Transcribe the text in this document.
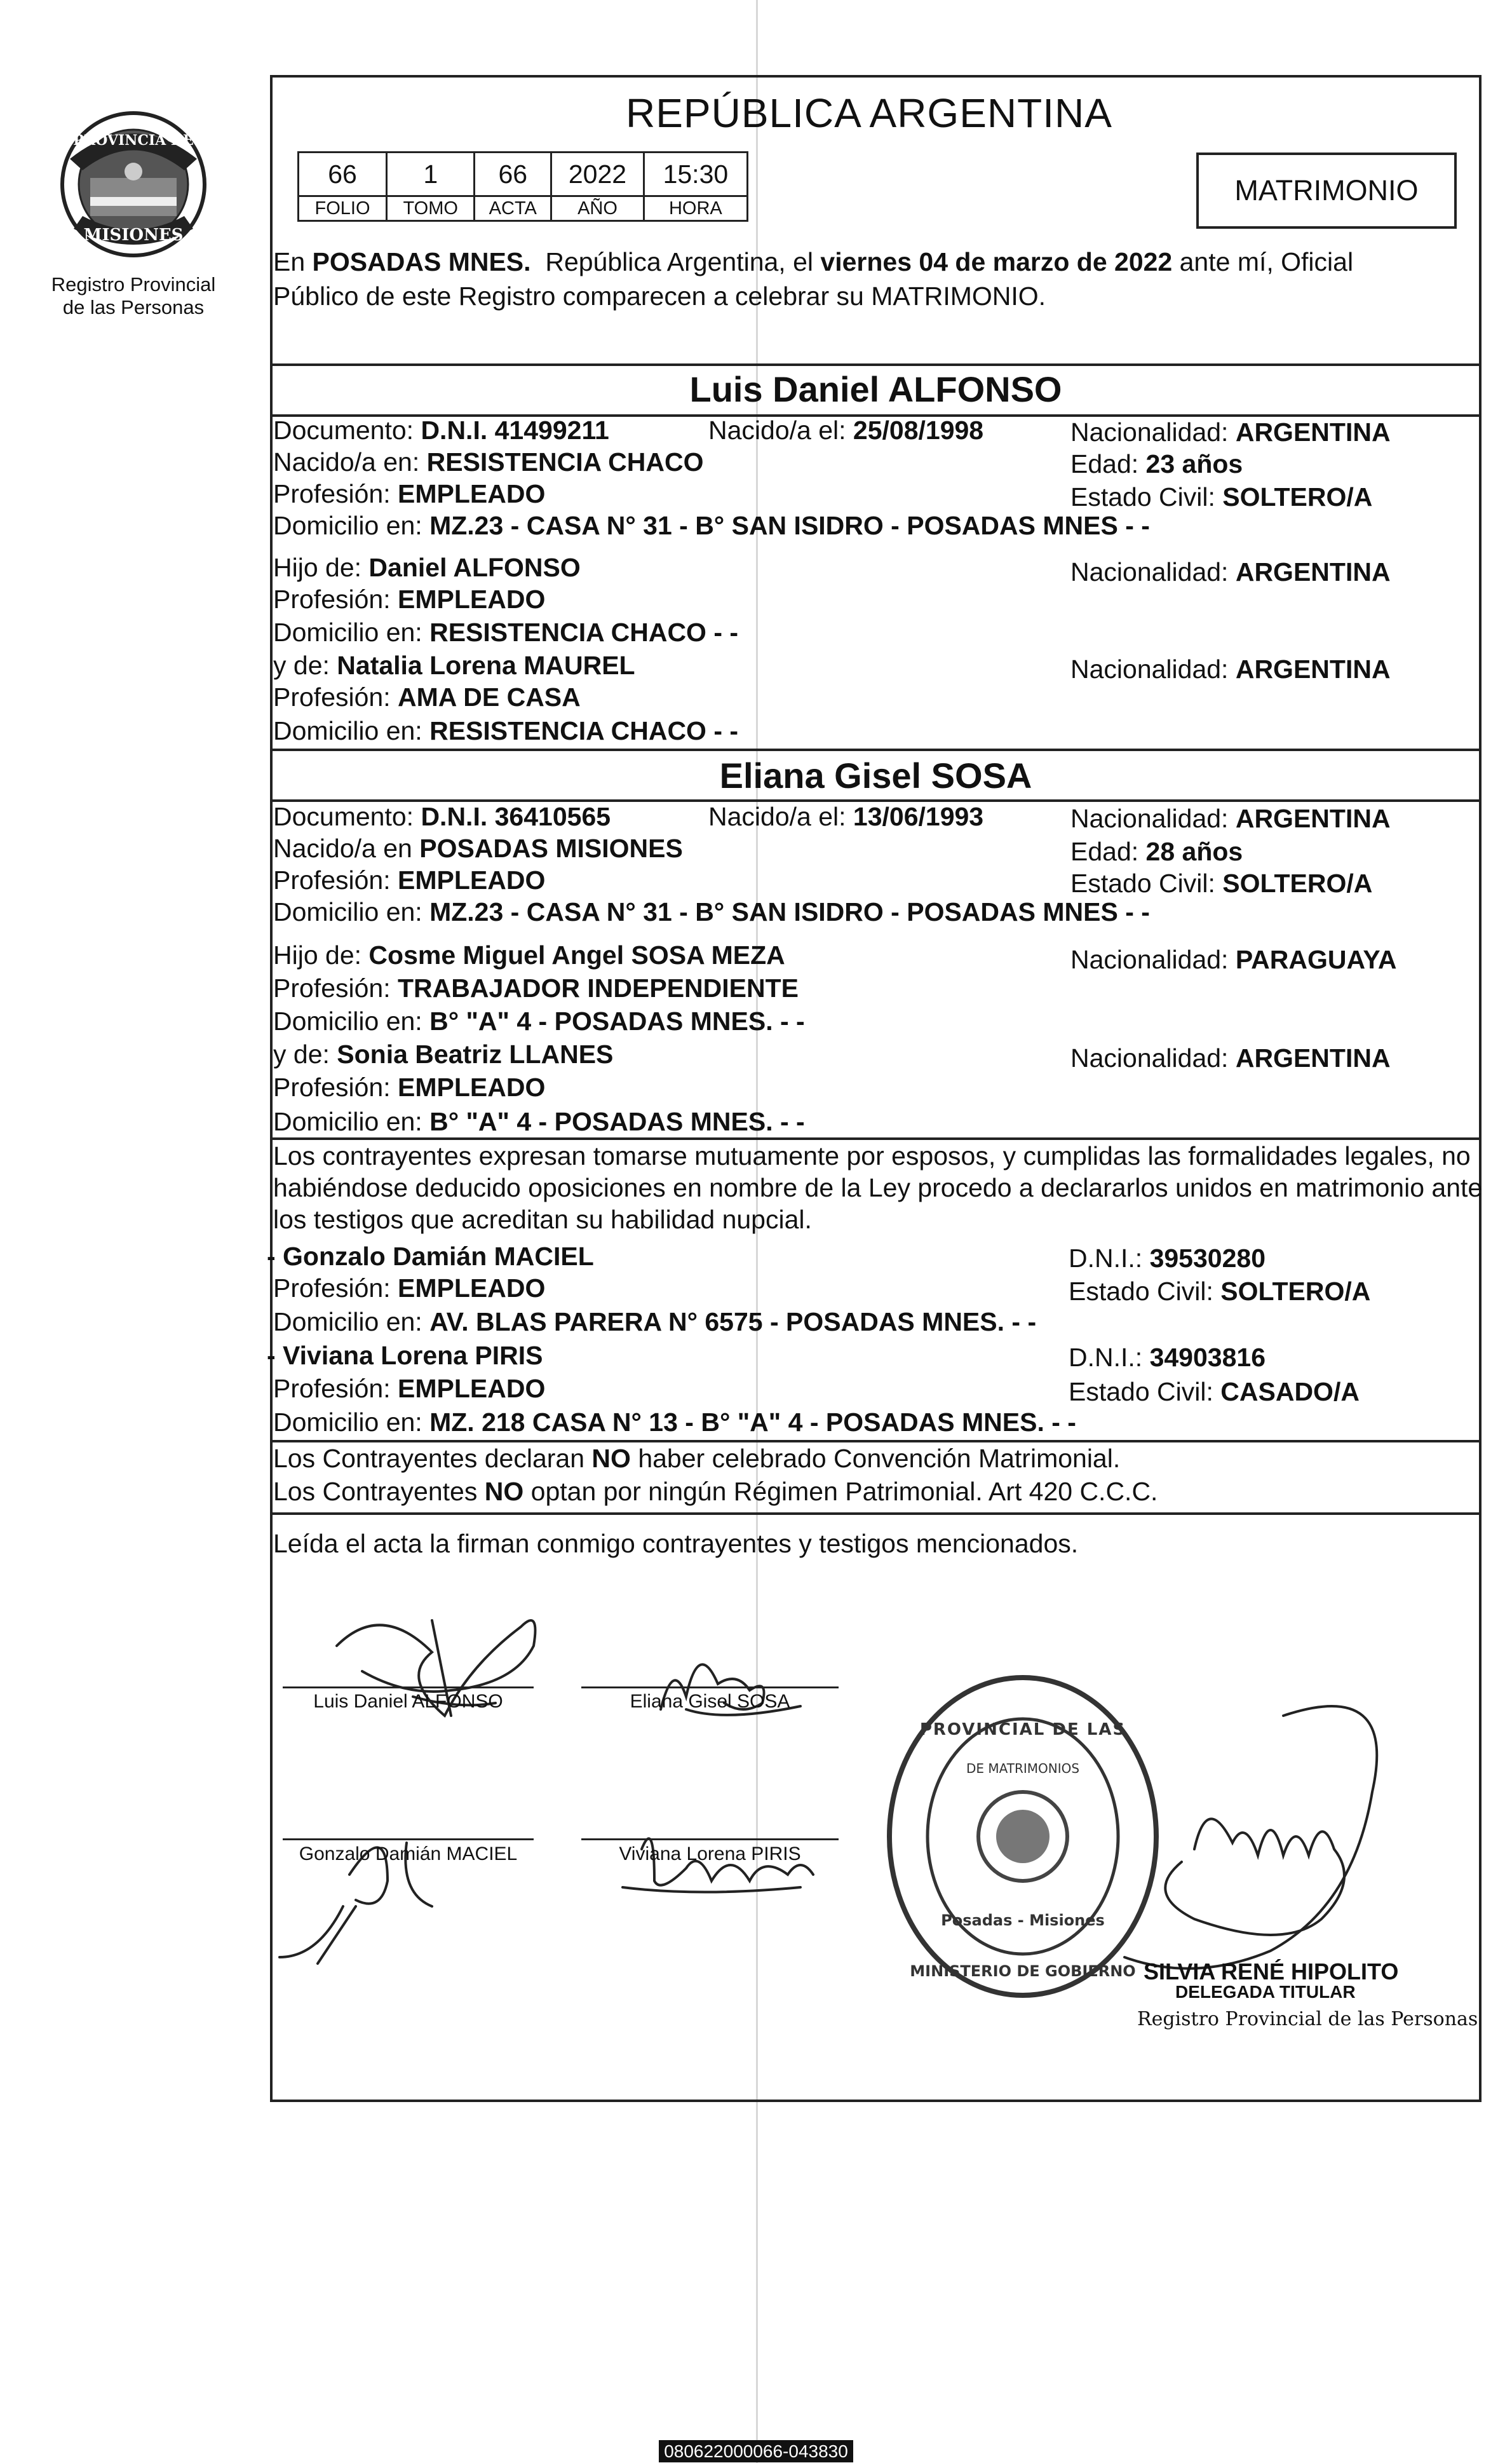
PROVINCIA DE
MISIONES
Registro Provincial
de las Personas
REPÚBLICA ARGENTINA
66	1	66	2022	15:30
FOLIO	TOMO	ACTA	AÑO	HORA
MATRIMONIO
En POSADAS MNES.  República Argentina, el viernes 04 de marzo de 2022 ante mí, Oficial
Público de este Registro comparecen a celebrar su MATRIMONIO.
Luis Daniel ALFONSO
Documento: D.N.I. 41499211	Nacido/a el: 25/08/1998	Nacionalidad: ARGENTINA
Nacido/a en: RESISTENCIA CHACO	Edad: 23 años
Profesión: EMPLEADO	Estado Civil: SOLTERO/A
Domicilio en: MZ.23 - CASA N° 31 - B° SAN ISIDRO - POSADAS MNES - -
Hijo de: Daniel ALFONSO	Nacionalidad: ARGENTINA
Profesión: EMPLEADO
Domicilio en: RESISTENCIA CHACO - -
y de: Natalia Lorena MAUREL	Nacionalidad: ARGENTINA
Profesión: AMA DE CASA
Domicilio en: RESISTENCIA CHACO - -
Eliana Gisel SOSA
Documento: D.N.I. 36410565	Nacido/a el: 13/06/1993	Nacionalidad: ARGENTINA
Nacido/a en POSADAS MISIONES	Edad: 28 años
Profesión: EMPLEADO	Estado Civil: SOLTERO/A
Domicilio en: MZ.23 - CASA N° 31 - B° SAN ISIDRO - POSADAS MNES - -
Hijo de: Cosme Miguel Angel SOSA MEZA	Nacionalidad: PARAGUAYA
Profesión: TRABAJADOR INDEPENDIENTE
Domicilio en: B° "A" 4 - POSADAS MNES. - -
y de: Sonia Beatriz LLANES	Nacionalidad: ARGENTINA
Profesión: EMPLEADO
Domicilio en: B° "A" 4 - POSADAS MNES. - -
Los contrayentes expresan tomarse mutuamente por esposos, y cumplidas las formalidades legales, no
habiéndose deducido oposiciones en nombre de la Ley procedo a declararlos unidos en matrimonio ante
los testigos que acreditan su habilidad nupcial.
- Gonzalo Damián MACIEL	D.N.I.: 39530280
Profesión: EMPLEADO	Estado Civil: SOLTERO/A
Domicilio en: AV. BLAS PARERA N° 6575 - POSADAS MNES. - -
- Viviana Lorena PIRIS	D.N.I.: 34903816
Profesión: EMPLEADO	Estado Civil: CASADO/A
Domicilio en: MZ. 218 CASA N° 13 - B° "A" 4 - POSADAS MNES. - -
Los Contrayentes declaran NO haber celebrado Convención Matrimonial.
Los Contrayentes NO optan por ningún Régimen Patrimonial. Art 420 C.C.C.
Leída el acta la firman conmigo contrayentes y testigos mencionados.
Luis Daniel ALFONSO	Eliana Gisel SOSA
Gonzalo Damián MACIEL	Viviana Lorena PIRIS
PROVINCIAL DE LAS
DE MATRIMONIOS
Posadas - Misiones
MINISTERIO DE GOBIERNO SILVIA RENÉ HIPOLITO
DELEGADA TITULAR
Registro Provincial de las Personas
080622000066-043830
